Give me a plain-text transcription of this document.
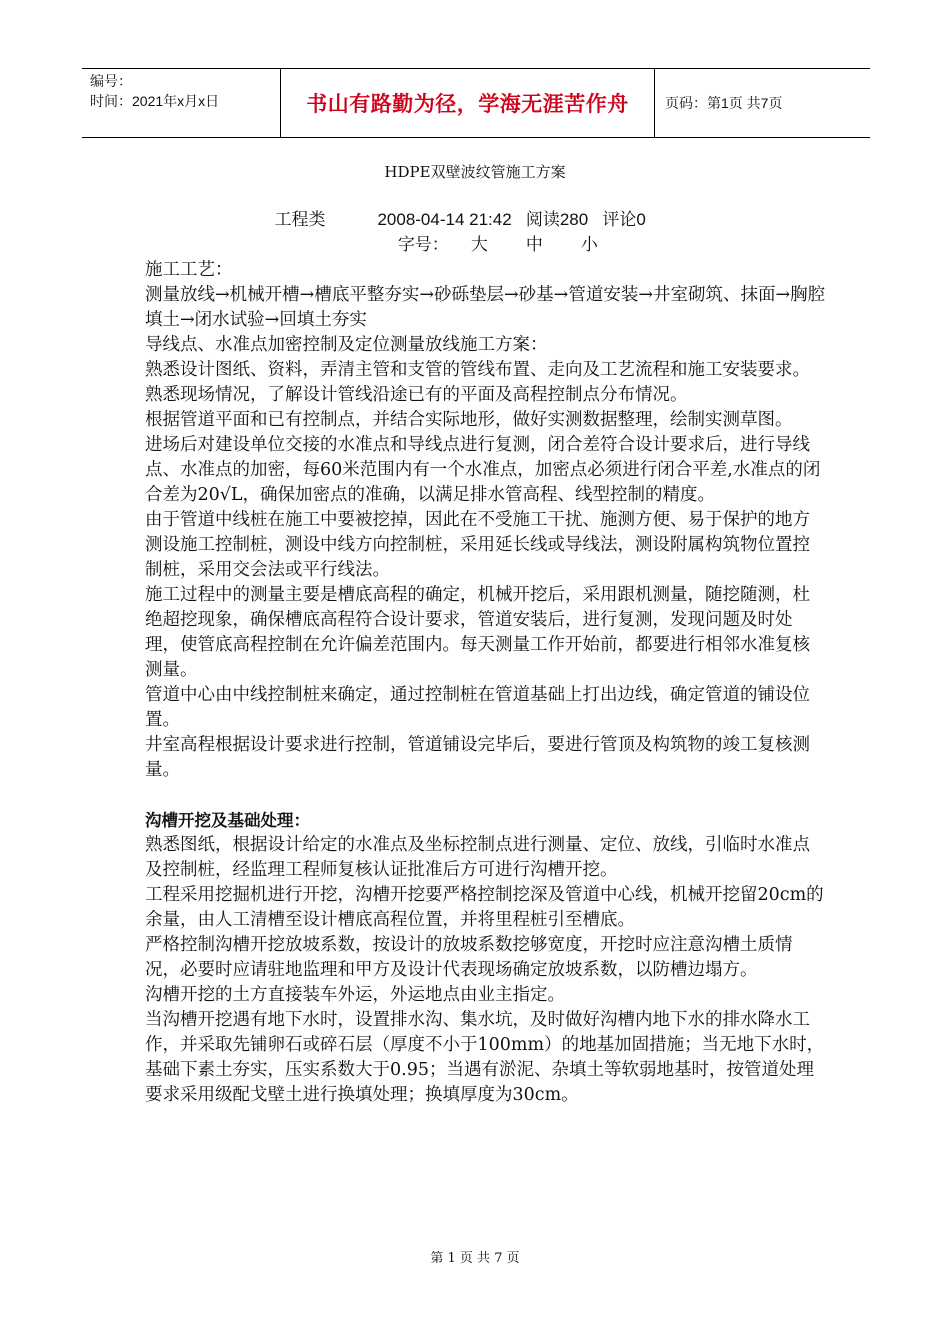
编号：
时间：2021年x月x日	书山有路勤为径，学海无涯苦作舟	页码：第1页 共7页
HDPE双壁波纹管施工方案

工程类	2008-04-14 21:42   阅读280   评论0

字号： 大 中 小

施工工艺：

测量放线→机械开槽→槽底平整夯实→砂砾垫层→砂基→管道安装→井室砌筑、抹面→胸腔填土→闭水试验→回填土夯实

导线点、水准点加密控制及定位测量放线施工方案：

熟悉设计图纸、资料，弄清主管和支管的管线布置、走向及工艺流程和施工安装要求。

熟悉现场情况，了解设计管线沿途已有的平面及高程控制点分布情况。

根据管道平面和已有控制点，并结合实际地形，做好实测数据整理，绘制实测草图。

进场后对建设单位交接的水准点和导线点进行复测，闭合差符合设计要求后，进行导线点、水准点的加密，每60米范围内有一个水准点，加密点必须进行闭合平差,水准点的闭合差为20√L，确保加密点的准确，以满足排水管高程、线型控制的精度。

由于管道中线桩在施工中要被挖掉，因此在不受施工干扰、施测方便、易于保护的地方测设施工控制桩，测设中线方向控制桩，采用延长线或导线法，测设附属构筑物位置控制桩，采用交会法或平行线法。

施工过程中的测量主要是槽底高程的确定，机械开挖后，采用跟机测量，随挖随测，杜绝超挖现象，确保槽底高程符合设计要求，管道安装后，进行复测，发现问题及时处理，使管底高程控制在允许偏差范围内。每天测量工作开始前，都要进行相邻水准复核测量。

管道中心由中线控制桩来确定，通过控制桩在管道基础上打出边线，确定管道的铺设位置。

井室高程根据设计要求进行控制，管道铺设完毕后，要进行管顶及构筑物的竣工复核测量。

沟槽开挖及基础处理：

熟悉图纸，根据设计给定的水准点及坐标控制点进行测量、定位、放线，引临时水准点及控制桩，经监理工程师复核认证批准后方可进行沟槽开挖。

工程采用挖掘机进行开挖，沟槽开挖要严格控制挖深及管道中心线，机械开挖留20cm的余量，由人工清槽至设计槽底高程位置，并将里程桩引至槽底。

严格控制沟槽开挖放坡系数，按设计的放坡系数挖够宽度，开挖时应注意沟槽土质情况，必要时应请驻地监理和甲方及设计代表现场确定放坡系数，以防槽边塌方。

沟槽开挖的土方直接装车外运，外运地点由业主指定。

当沟槽开挖遇有地下水时，设置排水沟、集水坑，及时做好沟槽内地下水的排水降水工作，并采取先铺卵石或碎石层（厚度不小于100mm）的地基加固措施；当无地下水时，基础下素土夯实，压实系数大于0.95；当遇有淤泥、杂填土等软弱地基时，按管道处理要求采用级配戈壁土进行换填处理；换填厚度为30cm。

第 1 页 共 7 页
